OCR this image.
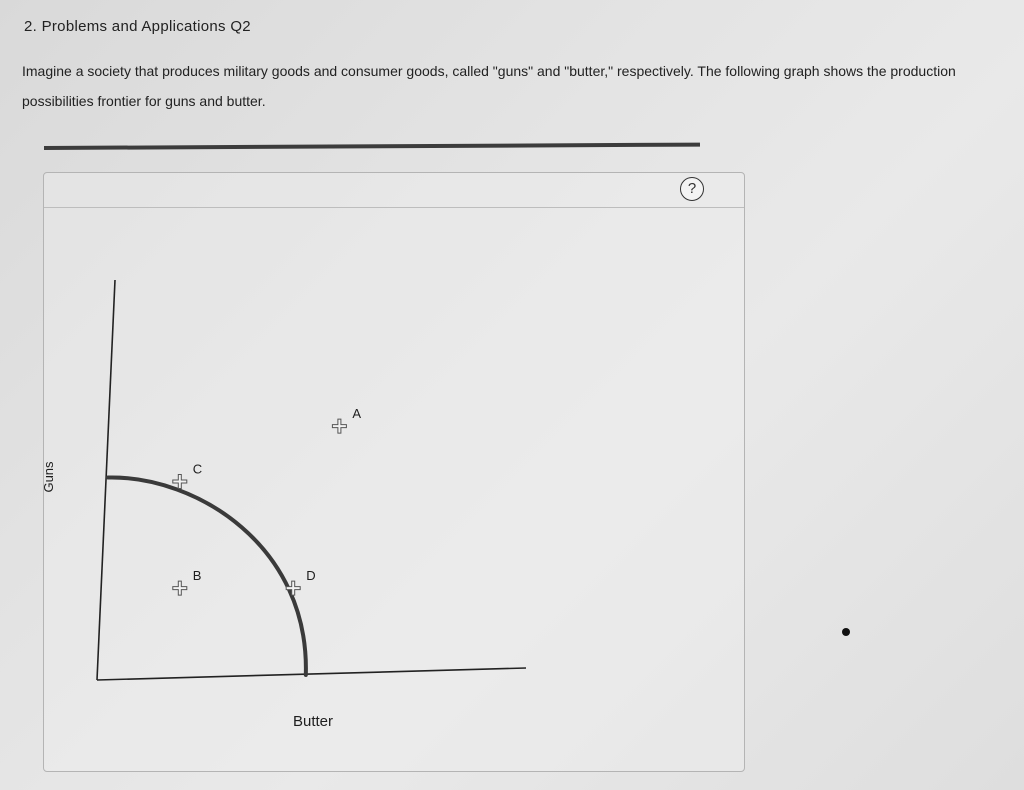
2. Problems and Applications Q2
Imagine a society that produces military goods and consumer goods, called "guns" and "butter," respectively. The following graph shows the production possibilities frontier for guns and butter.
?
A
B
C
D
Butter
Guns
